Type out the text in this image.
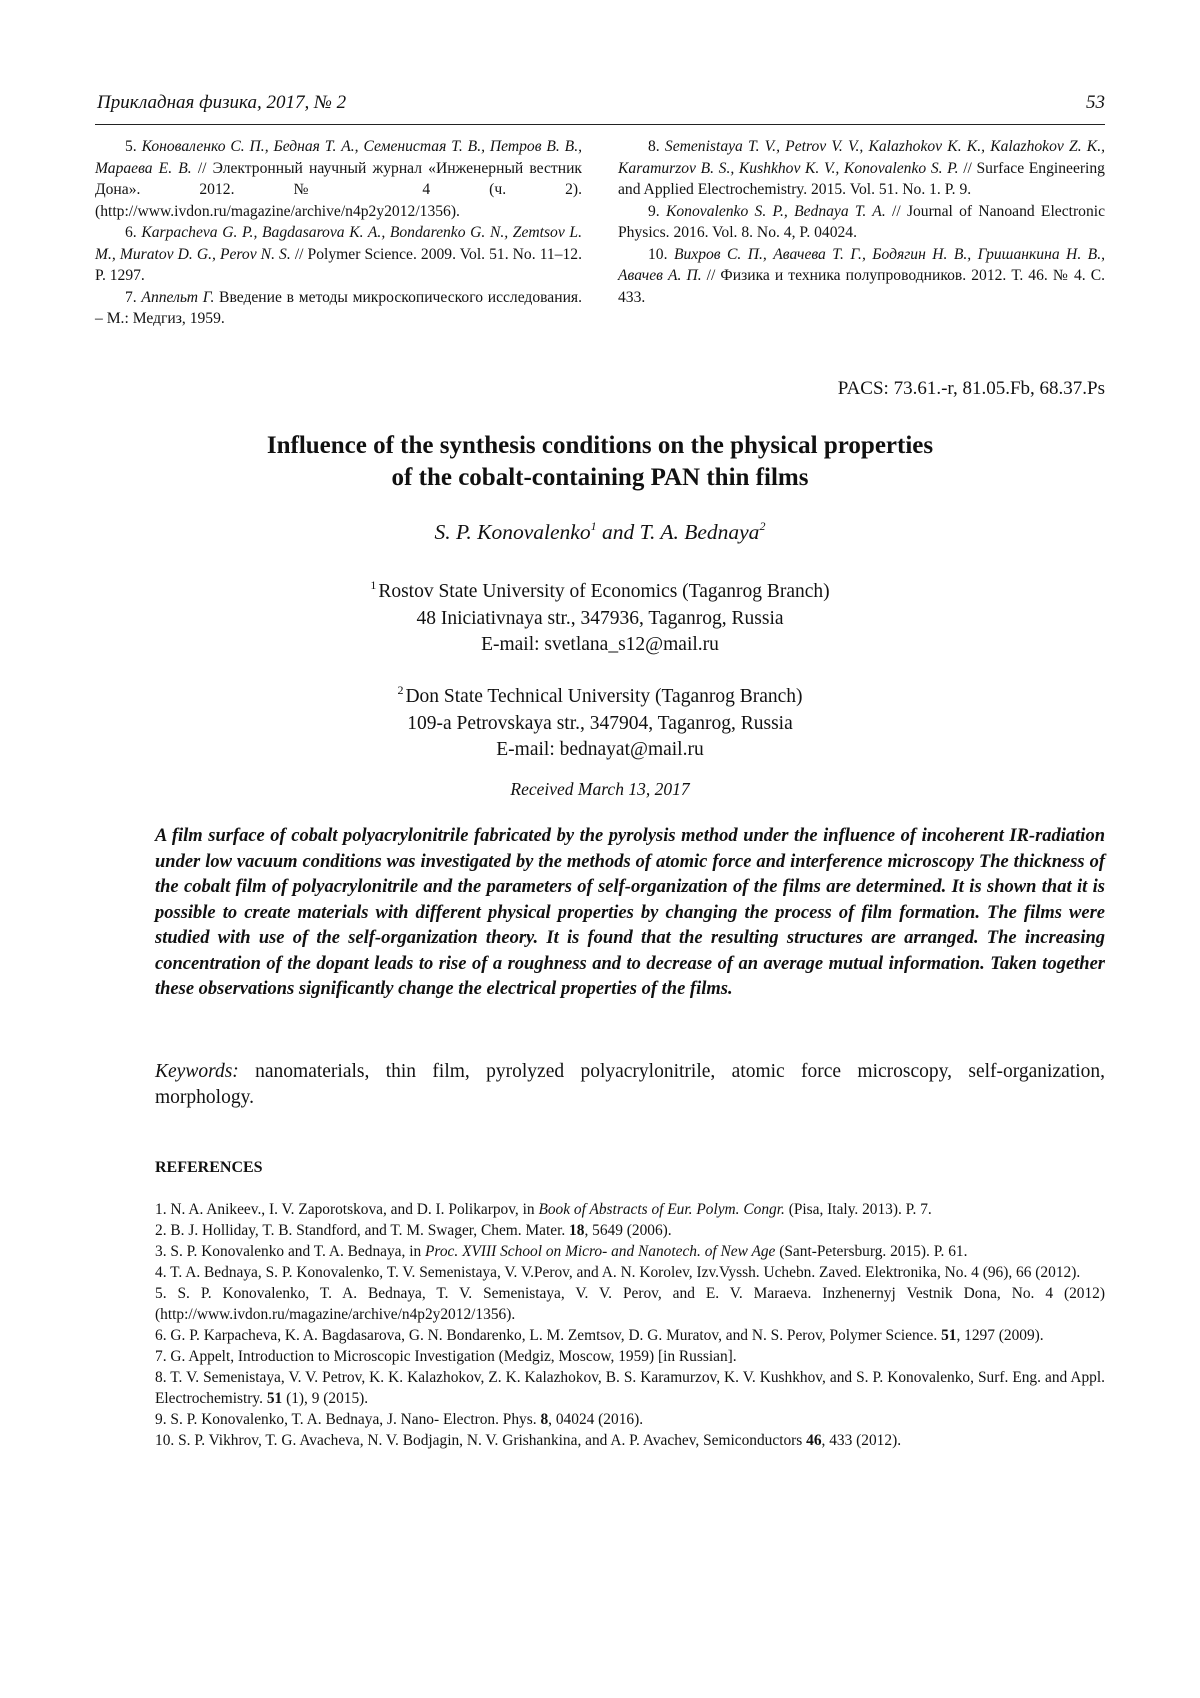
Прикладная физика, 2017, № 2	53

5. Коноваленко С. П., Бедная Т. А., Семенистая Т. В., Петров В. В., Мараева Е. В. // Электронный научный журнал «Инженерный вестник Дона». 2012. № 4 (ч. 2). (http://www.ivdon.ru/magazine/archive/n4p2y2012/1356).

6. Karpacheva G. P., Bagdasarova K. A., Bondarenko G. N., Zemtsov L. M., Muratov D. G., Perov N. S. // Polymer Science. 2009. Vol. 51. No. 11–12. P. 1297.

7. Аппельт Г. Введение в методы микроскопического исследования. – М.: Медгиз, 1959.

8. Semenistaya T. V., Petrov V. V., Kalazhokov K. K., Kalazhokov Z. K., Karamurzov B. S., Kushkhov K. V., Konovalenko S. P. // Surface Engineering and Applied Electrochemistry. 2015. Vol. 51. No. 1. P. 9.

9. Konovalenko S. P., Bednaya T. A. // Journal of Nanoand Electronic Physics. 2016. Vol. 8. No. 4, P. 04024.

10. Вихров С. П., Авачева Т. Г., Бодягин Н. В., Гришанкина Н. В., Авачев А. П. // Физика и техника полупроводников. 2012. Т. 46. № 4. С. 433.

PACS: 73.61.-r, 81.05.Fb, 68.37.Ps
Influence of the synthesis conditions on the physical properties
of the cobalt-containing PAN thin films
S. P. Konovalenko$^1$ and T. A. Bednaya$^2$
$^1$ Rostov State University of Economics (Taganrog Branch)
48 Iniciativnaya str., 347936, Taganrog, Russia
E-mail: svetlana_s12@mail.ru
$^2$ Don State Technical University (Taganrog Branch)
109-a Petrovskaya str., 347904, Taganrog, Russia
E-mail: bednayat@mail.ru
Received March 13, 2017

A film surface of cobalt polyacrylonitrile fabricated by the pyrolysis method under the influence of incoherent IR-radiation under low vacuum conditions was investigated by the methods of atomic force and interference microscopy The thickness of the cobalt film of polyacrylonitrile and the parameters of self-organization of the films are determined. It is shown that it is possible to create materials with different physical properties by changing the process of film formation. The films were studied with use of the self-organization theory. It is found that the resulting structures are arranged. The increasing concentration of the dopant leads to rise of a roughness and to decrease of an average mutual information. Taken together these observations significantly change the electrical properties of the films.

Keywords: nanomaterials, thin film, pyrolyzed polyacrylonitrile, atomic force microscopy, self-organization, morphology.

REFERENCES
1. N. A. Anikeev., I. V. Zaporotskova, and D. I. Polikarpov, in Book of Abstracts of Eur. Polym. Congr. (Pisa, Italy. 2013). P. 7.
2. B. J. Holliday, T. B. Standford, and T. M. Swager, Chem. Mater. 18, 5649 (2006).
3. S. P. Konovalenko and T. A. Bednaya, in Proc. XVIII School on Micro- and Nanotech. of New Age (Sant-Petersburg. 2015). P. 61.
4. T. A. Bednaya, S. P. Konovalenko, T. V. Semenistaya, V. V.Perov, and A. N. Korolev, Izv.Vyssh. Uchebn. Zaved. Elektronika, No. 4 (96), 66 (2012).
5. S. P. Konovalenko, T. A. Bednaya, T. V. Semenistaya, V. V. Perov, and E. V. Maraeva. Inzhenernyj Vestnik Dona, No. 4 (2012) (http://www.ivdon.ru/magazine/archive/n4p2y2012/1356).
6. G. P. Karpacheva, K. A. Bagdasarova, G. N. Bondarenko, L. M. Zemtsov, D. G. Muratov, and N. S. Perov, Polymer Science. 51, 1297 (2009).
7. G. Appelt, Introduction to Microscopic Investigation (Medgiz, Moscow, 1959) [in Russian].
8. T. V. Semenistaya, V. V. Petrov, K. K. Kalazhokov, Z. K. Kalazhokov, B. S. Karamurzov, K. V. Kushkhov, and S. P. Konovalenko, Surf. Eng. and Appl. Electrochemistry. 51 (1), 9 (2015).
9. S. P. Konovalenko, T. A. Bednaya, J. Nano- Electron. Phys. 8, 04024 (2016).
10. S. P. Vikhrov, T. G. Avacheva, N. V. Bodjagin, N. V. Grishankina, and A. P. Avachev, Semiconductors 46, 433 (2012).
